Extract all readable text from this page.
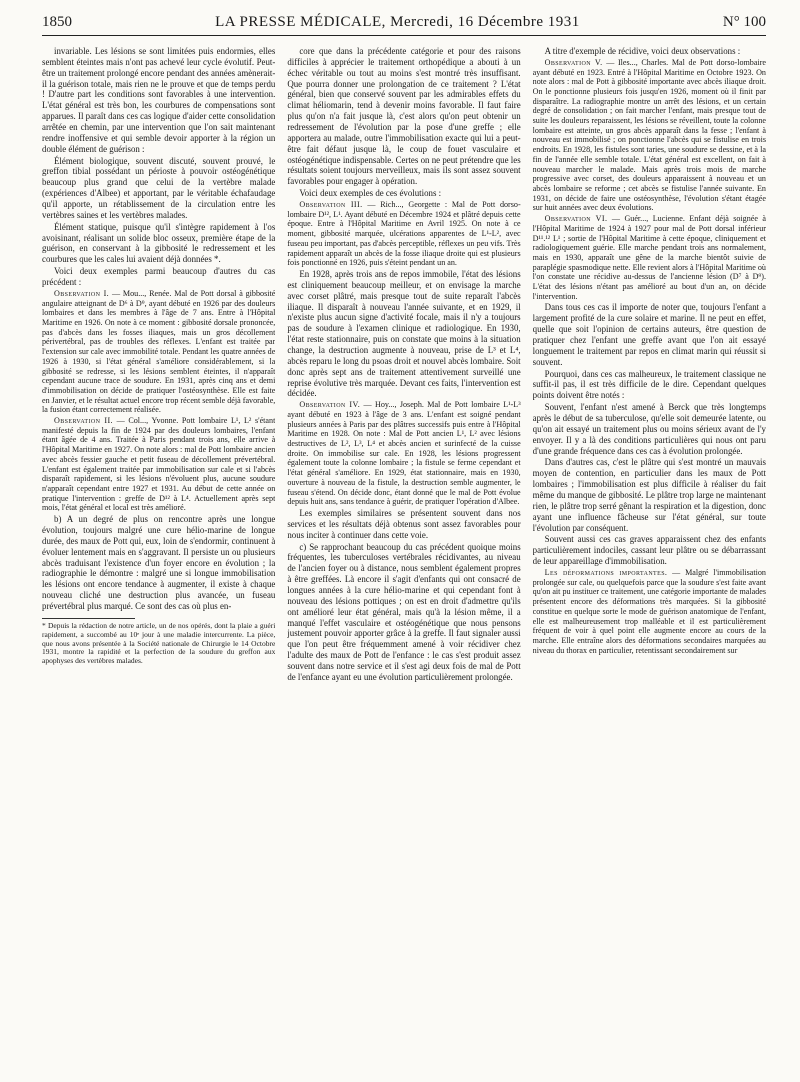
1850	LA PRESSE MÉDICALE, Mercredi, 16 Décembre 1931	N° 100

invariable. Les lésions se sont limitées puis endormies, elles semblent éteintes mais n'ont pas achevé leur cycle évolutif. Peut-être un traitement prolongé encore pendant des années amènerait-il la guérison totale, mais rien ne le prouve et que de temps perdu ! D'autre part les conditions sont favorables à une intervention. L'état général est très bon, les courbures de compensations sont apparues. Il paraît dans ces cas logique d'aider cette consolidation arrêtée en chemin, par une intervention que l'on sait maintenant rendre inoffensive et qui semble devoir apporter à la région un double élément de guérison :

Élément biologique, souvent discuté, souvent prouvé, le greffon tibial possédant un périoste à pouvoir ostéogénétique beaucoup plus grand que celui de la vertèbre malade (expériences d'Albee) et apportant, par le véritable échafaudage qu'il apporte, un rétablissement de la circulation entre les vertèbres saines et les vertèbres malades.

Élément statique, puisque qu'il s'intègre rapidement à l'os avoisinant, réalisant un solide bloc osseux, première étape de la guérison, en conservant à la gibbosité le redressement et les courbures que les cales lui avaient déjà données *.

Voici deux exemples parmi beaucoup d'autres du cas précédent :

Observation I. — Mou..., Renée. Mal de Pott dorsal à gibbosité angulaire atteignant de D⁶ à D⁹, ayant débuté en 1926 par des douleurs lombaires et dans les membres à l'âge de 7 ans. Entre à l'Hôpital Maritime en 1926. On note à ce moment : gibbosité dorsale prononcée, pas d'abcès dans les fosses iliaques, mais un gros décollement périvertébral, pas de troubles des réflexes. L'enfant est traitée par l'extension sur cale avec immobilité totale. Pendant les quatre années de 1926 à 1930, si l'état général s'améliore considérablement, si la gibbosité se redresse, si les lésions semblent éteintes, il n'apparaît cependant aucune trace de soudure. En 1931, après cinq ans et demi d'immobilisation on décide de pratiquer l'ostéosynthèse. Elle est faite en Janvier, et le résultat actuel encore trop récent semble déjà favorable, la fusion étant correctement réalisée.

Observation II. — Col..., Yvonne. Pott lombaire L¹, L² s'étant manifesté depuis la fin de 1924 par des douleurs lombaires, l'enfant étant âgée de 4 ans. Traitée à Paris pendant trois ans, elle arrive à l'Hôpital Maritime en 1927. On note alors : mal de Pott lombaire ancien avec abcès fessier gauche et petit fuseau de décollement prévertébral. L'enfant est également traitée par immobilisation sur cale et si l'abcès disparaît rapidement, si les lésions n'évoluent plus, aucune soudure n'apparaît cependant entre 1927 et 1931. Au début de cette année on pratique l'intervention : greffe de D¹² à L⁴. Actuellement après sept mois, l'état général et local est très amélioré.

b) A un degré de plus on rencontre après une longue évolution, toujours malgré une cure hélio-marine de longue durée, des maux de Pott qui, eux, loin de s'endormir, continuent à évoluer lentement mais en s'aggravant. Il persiste un ou plusieurs abcès traduisant l'existence d'un foyer encore en évolution ; la radiographie le démontre : malgré une si longue immobilisation les lésions ont encore tendance à augmenter, il existe à chaque nouveau cliché une destruction plus avancée, un fuseau prévertébral plus marqué. Ce sont des cas où plus en-

* Depuis la rédaction de notre article, un de nos opérés, dont la plaie a guéri rapidement, a succombé au 10ᵉ jour à une maladie intercurrente. La pièce, que nous avons présentée à la Société nationale de Chirurgie le 14 Octobre 1931, montre la rapidité et la perfection de la soudure du greffon aux apophyses des vertèbres malades.

core que dans la précédente catégorie et pour des raisons difficiles à apprécier le traitement orthopédique a abouti à un échec véritable ou tout au moins s'est montré très insuffisant. Que pourra donner une prolongation de ce traitement ? L'état général, bien que conservé souvent par les admirables effets du climat héliomarin, tend à devenir moins favorable. Il faut faire plus qu'on n'a fait jusque là, c'est alors qu'on peut obtenir un redressement de l'évolution par la pose d'une greffe ; elle apportera au malade, outre l'immobilisation exacte qui lui a peut-être fait défaut jusque là, le coup de fouet vasculaire et ostéogénétique indispensable. Certes on ne peut prétendre que les résultats soient toujours merveilleux, mais ils sont assez souvent favorables pour engager à opération.

Voici deux exemples de ces évolutions :

Observation III. — Rich..., Georgette : Mal de Pott dorso-lombaire D¹², L¹. Ayant débuté en Décembre 1924 et plâtré depuis cette époque. Entre à l'Hôpital Maritime en Avril 1925. On note à ce moment, gibbosité marquée, ulcérations apparentes de L¹-L², avec fuseau peu important, pas d'abcès perceptible, réflexes un peu vifs. Très rapidement apparaît un abcès de la fosse iliaque droite qui est plusieurs fois ponctionné en 1926, puis s'éteint pendant un an.

En 1928, après trois ans de repos immobile, l'état des lésions est cliniquement beaucoup meilleur, et on envisage la marche avec corset plâtré, mais presque tout de suite reparaît l'abcès iliaque. Il disparaît à nouveau l'année suivante, et en 1929, il n'existe plus aucun signe d'activité focale, mais il n'y a toujours pas de soudure à l'examen clinique et radiologique. En 1930, l'état reste stationnaire, puis on constate que moins à la situation change, la destruction augmente à nouveau, prise de L³ et L⁴, abcès reparu le long du psoas droit et nouvel abcès lombaire. Soit donc après sept ans de traitement attentivement surveillé une reprise évolutive très marquée. Devant ces faits, l'intervention est décidée.

Observation IV. — Hoy..., Joseph. Mal de Pott lombaire L¹-L³ ayant débuté en 1923 à l'âge de 3 ans. L'enfant est soigné pendant plusieurs années à Paris par des plâtres successifs puis entre à l'Hôpital Maritime en 1928. On note : Mal de Pott ancien L¹, L² avec lésions destructives de L², L³, L⁴ et abcès ancien et surinfecté de la cuisse droite. On immobilise sur cale. En 1928, les lésions progressent également toute la colonne lombaire ; la fistule se ferme cependant et l'état général s'améliore. En 1929, état stationnaire, mais en 1930, ouverture à nouveau de la fistule, la destruction semble augmenter, le fuseau s'étend. On décide donc, étant donné que le mal de Pott évolue depuis huit ans, sans tendance à guérir, de pratiquer l'opération d'Albee.

Les exemples similaires se présentent souvent dans nos services et les résultats déjà obtenus sont assez favorables pour nous inciter à continuer dans cette voie.

c) Se rapprochant beaucoup du cas précédent quoique moins fréquentes, les tuberculoses vertébrales récidivantes, au niveau de l'ancien foyer ou à distance, nous semblent également propres à être greffées. Là encore il s'agit d'enfants qui ont consacré de longues années à la cure hélio-marine et qui cependant font à nouveau des lésions pottiques ; on est en droit d'admettre qu'ils ont amélioré leur état général, mais qu'à la lésion même, il a manqué l'effet vasculaire et ostéogénétique que nous pensons justement pouvoir apporter grâce à la greffe. Il faut signaler aussi que l'on peut être fréquemment amené à voir récidiver chez l'adulte des maux de Pott de l'enfance : le cas s'est produit assez souvent dans notre service et il s'est agi deux fois de mal de Pott de l'enfance ayant eu une évolution particulièrement prolongée.

A titre d'exemple de récidive, voici deux observations :

Observation V. — Iles..., Charles. Mal de Pott dorso-lombaire ayant débuté en 1923. Entré à l'Hôpital Maritime en Octobre 1923. On note alors : mal de Pott à gibbosité importante avec abcès iliaque droit. On le ponctionne plusieurs fois jusqu'en 1926, moment où il finit par disparaître. La radiographie montre un arrêt des lésions, et un certain degré de consolidation ; on fait marcher l'enfant, mais presque tout de suite les douleurs reparaissent, les lésions se réveillent, toute la colonne lombaire est atteinte, un gros abcès apparaît dans la fesse ; l'enfant à nouveau est immobilisé ; on ponctionne l'abcès qui se fistulise en trois endroits. En 1928, les fistules sont taries, une soudure se dessine, et à la fin de l'année elle semble totale. L'état général est excellent, on fait à nouveau marcher le malade. Mais après trois mois de marche progressive avec corset, des douleurs apparaissent à nouveau et un abcès lombaire se reforme ; cet abcès se fistulise l'année suivante. En 1931, on décide de faire une ostéosynthèse, l'évolution s'étant étagée sur huit années avec deux évolutions.

Observation VI. — Guér..., Lucienne. Enfant déjà soignée à l'Hôpital Maritime de 1924 à 1927 pour mal de Pott dorsal inférieur D¹¹.¹² L¹ ; sortie de l'Hôpital Maritime à cette époque, cliniquement et radiologiquement guérie. Elle marche pendant trois ans normalement, mais en 1930, apparaît une gêne de la marche bientôt suivie de paraplégie spasmodique nette. Elle revient alors à l'Hôpital Maritime où l'on constate une récidive au-dessus de l'ancienne lésion (D⁷ à D⁹). L'état des lésions n'étant pas amélioré au bout d'un an, on décide l'intervention.

Dans tous ces cas il importe de noter que, toujours l'enfant a largement profité de la cure solaire et marine. Il ne peut en effet, quelle que soit l'opinion de certains auteurs, être question de pratiquer chez l'enfant une greffe avant que l'on ait essayé longuement le traitement par repos en climat marin qui réussit si souvent.

Pourquoi, dans ces cas malheureux, le traitement classique ne suffit-il pas, il est très difficile de le dire. Cependant quelques points doivent être notés :

Souvent, l'enfant n'est amené à Berck que très longtemps après le début de sa tuberculose, qu'elle soit demeurée latente, ou qu'on ait essayé un traitement plus ou moins sérieux avant de l'y envoyer. Il y a là des conditions particulières qui nous ont paru d'une grande fréquence dans ces cas à évolution prolongée.

Dans d'autres cas, c'est le plâtre qui s'est montré un mauvais moyen de contention, en particulier dans les maux de Pott lombaires ; l'immobilisation est plus difficile à réaliser du fait même du manque de gibbosité. Le plâtre trop large ne maintenant rien, le plâtre trop serré gênant la respiration et la digestion, donc ayant une influence fâcheuse sur l'état général, sur toute l'évolution par conséquent.

Souvent aussi ces cas graves apparaissent chez des enfants particulièrement indociles, cassant leur plâtre ou se débarrassant de leur appareillage d'immobilisation.

Les déformations importantes. — Malgré l'immobilisation prolongée sur cale, ou quelquefois parce que la soudure s'est faite avant qu'on ait pu instituer ce traitement, une catégorie importante de malades présentent encore des déformations très marquées. Si la gibbosité constitue en quelque sorte le mode de guérison anatomique de l'enfant, elle est malheureusement trop malléable et il est particulièrement fréquent de voir à quel point elle augmente encore au cours de la marche. Elle entraîne alors des déformations secondaires marquées au niveau du thorax en particulier, retentissant secondairement sur
